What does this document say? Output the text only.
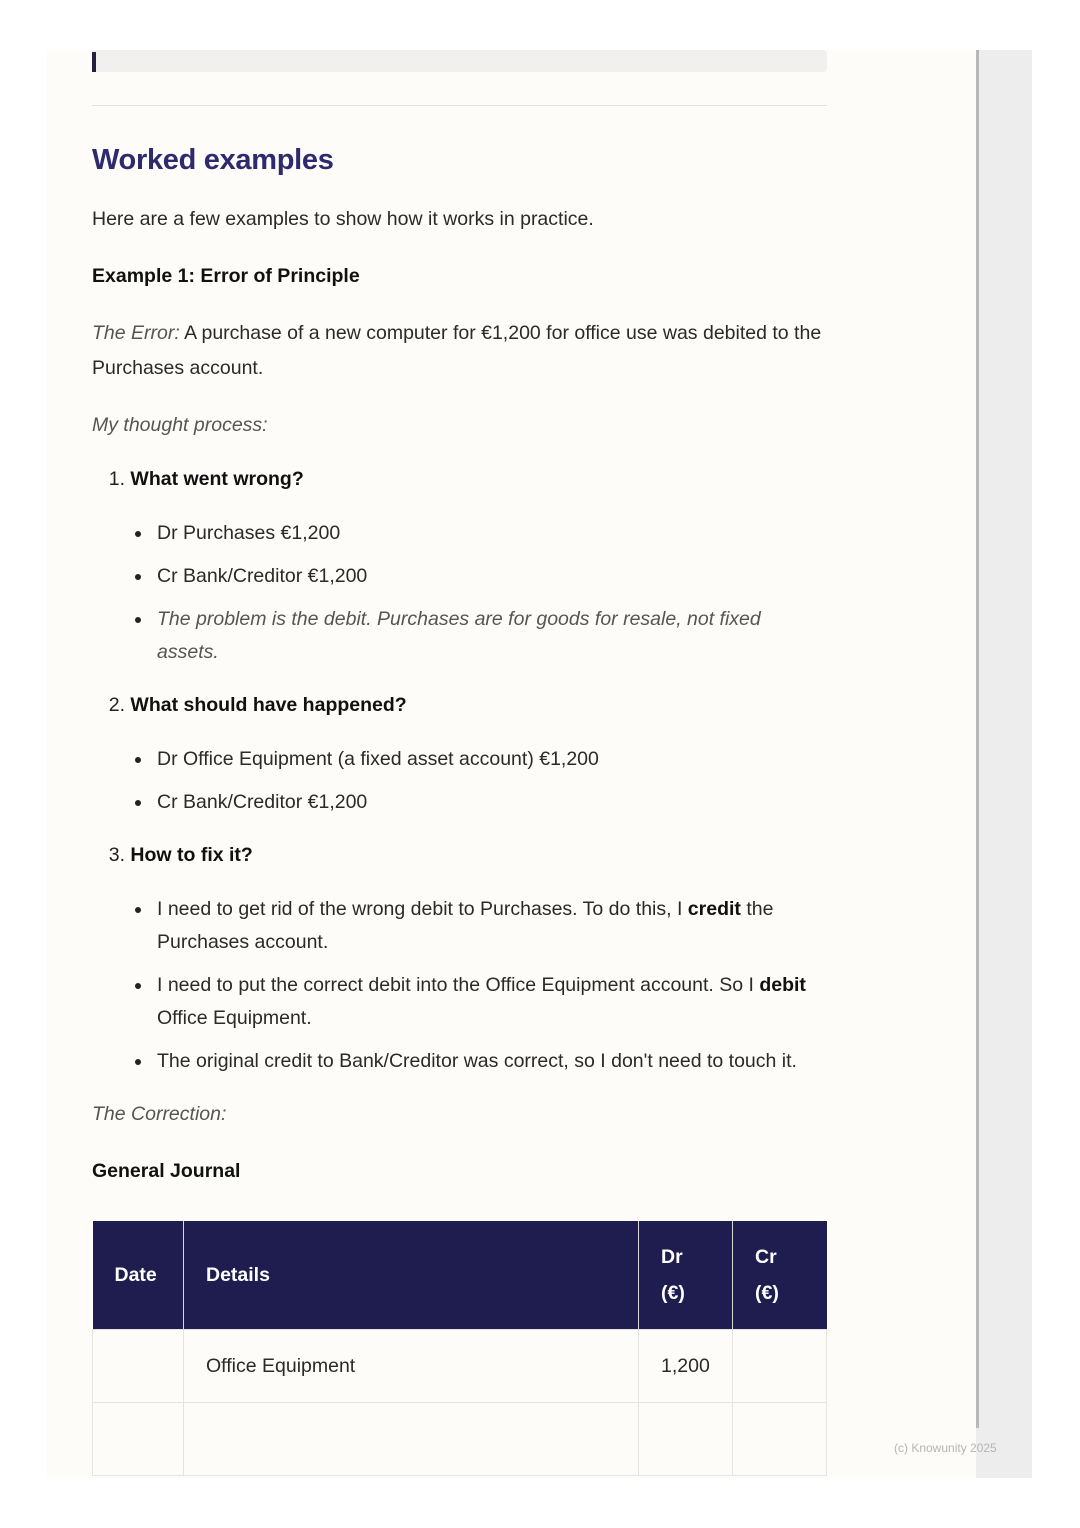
Worked examples

Here are a few examples to show how it works in practice.

Example 1: Error of Principle

The Error: A purchase of a new computer for €1,200 for office use was debited to the Purchases account.

My thought process:

1. What went wrong?
Dr Purchases €1,200
Cr Bank/Creditor €1,200
The problem is the debit. Purchases are for goods for resale, not fixed assets.
2. What should have happened?
Dr Office Equipment (a fixed asset account) €1,200
Cr Bank/Creditor €1,200
3. How to fix it?
I need to get rid of the wrong debit to Purchases. To do this, I credit the Purchases account.
I need to put the correct debit into the Office Equipment account. So I debit Office Equipment.
The original credit to Bank/Creditor was correct, so I don't need to touch it.

The Correction:

General Journal

Date	Details	Dr (€)	Cr (€)
	Office Equipment	1,200	

(c) Knowunity 2025
